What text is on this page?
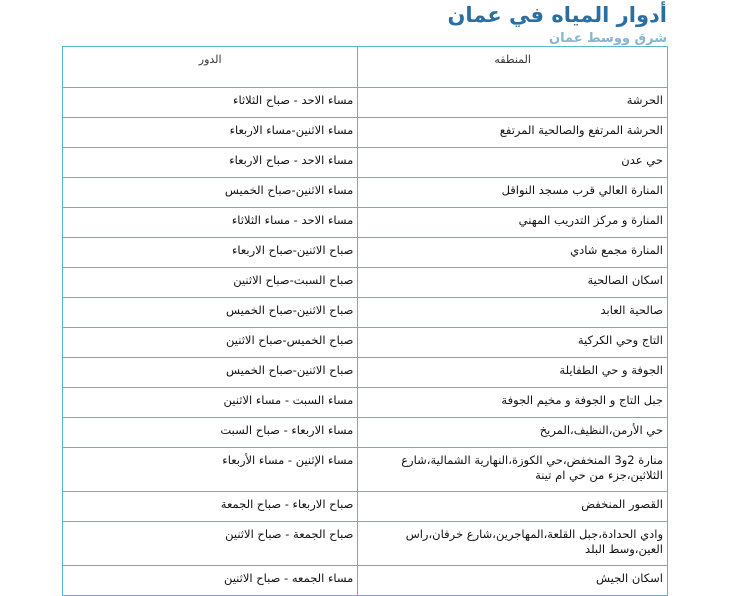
أدوار المياه في عمان
شرق ووسط عمان
الدور	المنطقه
مساء الاحد - صباح الثلاثاء	الحرشة
مساء الاثنين-مساء الاربعاء	الحرشة المرتفع والصالحية المرتفع
مساء الاحد - صباح الاربعاء	حي عدن
مساء الاثنين-صباح الخميس	المنارة العالي قرب مسجد النواقل
مساء الاحد - مساء الثلاثاء	المنارة و مركز التدريب المهني
صباح الاثنين-صباح الاربعاء	المنارة مجمع شادي
صباح السبت-صباح الاثنين	اسكان الصالحية
صباح الاثنين-صباح الخميس	صالحية العابد
صباح الخميس-صباح الاثنين	التاج وحي الكركية
صباح الاثنين-صباح الخميس	الجوفة و حي الطفايلة
مساء السبت - مساء الاثنين	جبل التاج و الجوفة و مخيم الجوفة
مساء الاربعاء - صباح السبت	حي الأرمن،النظيف،المريخ
مساء الإثنين - مساء الأربعاء	منارة 2و3 المنخفض،حي الكوزة،النهارية الشمالية،شارع الثلاثين،جزء من حي ام تينة
صباح الاربعاء - صباح الجمعة	القصور المنخفض
صباح الجمعة - صباح الاثنين	وادي الحدادة،جبل القلعة،المهاجرين،شارع خرفان،راس العين،وسط البلد
مساء الجمعه - صباح الاثنين	اسكان الجيش
